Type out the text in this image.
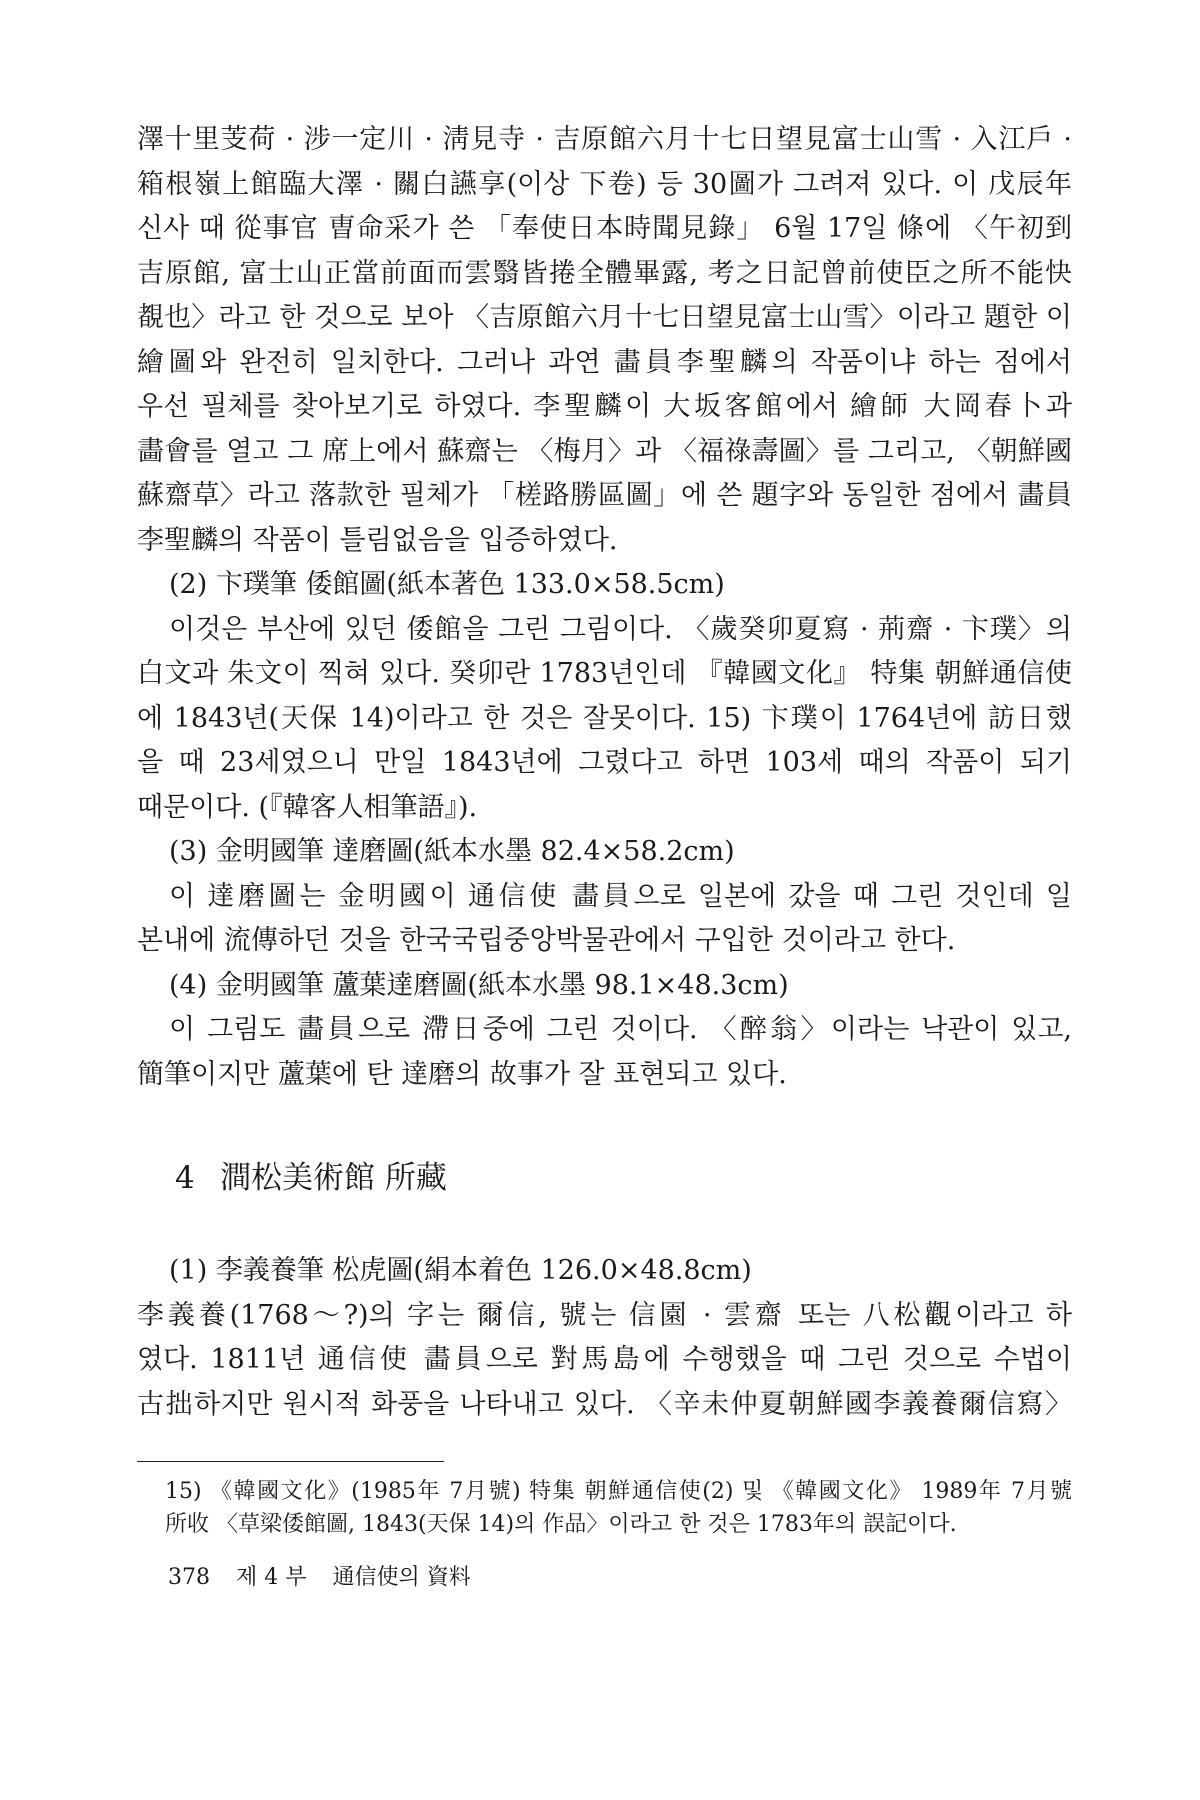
澤十里芰荷 · 涉一定川 · 淸見寺 · 吉原館六月十七日望見富士山雪 · 入江戶 ·
箱根嶺上館臨大澤 · 關白讌享(이상 下卷) 등 30圖가 그려져 있다. 이 戊辰年
신사 때 從事官 曺命采가 쓴 「奉使日本時聞見錄」 6월 17일 條에 〈午初到
吉原館, 富士山正當前面而雲翳皆捲全體畢露, 考之日記曾前使臣之所不能快
覩也〉라고 한 것으로 보아 〈吉原館六月十七日望見富士山雪〉이라고 題한 이
繪圖와 완전히 일치한다. 그러나 과연 畵員李聖麟의 작품이냐 하는 점에서
우선 필체를 찾아보기로 하였다. 李聖麟이 大坂客館에서 繪師 大岡春卜과
畵會를 열고 그 席上에서 蘇齋는 〈梅月〉과 〈福祿壽圖〉를 그리고, 〈朝鮮國
蘇齋草〉라고 落款한 필체가 「槎路勝區圖」에 쓴 題字와 동일한 점에서 畵員
李聖麟의 작품이 틀림없음을 입증하였다.
(2) 卞璞筆 倭館圖(紙本著色 133.0×58.5cm)
이것은 부산에 있던 倭館을 그린 그림이다. 〈歲癸卯夏寫 · 荊齋 · 卞璞〉의
白文과 朱文이 찍혀 있다. 癸卯란 1783년인데 『韓國文化』 特集 朝鮮通信使
에 1843년(天保 14)이라고 한 것은 잘못이다. 15) 卞璞이 1764년에 訪日했
을 때 23세였으니 만일 1843년에 그렸다고 하면 103세 때의 작품이 되기
때문이다. (『韓客人相筆語』).
(3) 金明國筆 達磨圖(紙本水墨 82.4×58.2cm)
이 達磨圖는 金明國이 通信使 畵員으로 일본에 갔을 때 그린 것인데 일
본내에 流傳하던 것을 한국국립중앙박물관에서 구입한 것이라고 한다.
(4) 金明國筆 蘆葉達磨圖(紙本水墨 98.1×48.3cm)
이 그림도 畵員으로 滯日중에 그린 것이다. 〈醉翁〉이라는 낙관이 있고,
簡筆이지만 蘆葉에 탄 達磨의 故事가 잘 표현되고 있다.
4 澗松美術館 所藏
(1) 李義養筆 松虎圖(絹本着色 126.0×48.8cm)
李義養(1768～?)의 字는 爾信, 號는 信園 · 雲齋 또는 八松觀이라고 하
였다. 1811년 通信使 畵員으로 對馬島에 수행했을 때 그린 것으로 수법이
古拙하지만 원시적 화풍을 나타내고 있다. 〈辛未仲夏朝鮮國李義養爾信寫〉
15) 《韓國文化》(1985年 7月號) 特集 朝鮮通信使(2) 및 《韓國文化》 1989年 7月號
所收 〈草梁倭館圖, 1843(天保 14)의 作品〉이라고 한 것은 1783年의 誤記이다.
378 제 4 부 通信使의 資料
